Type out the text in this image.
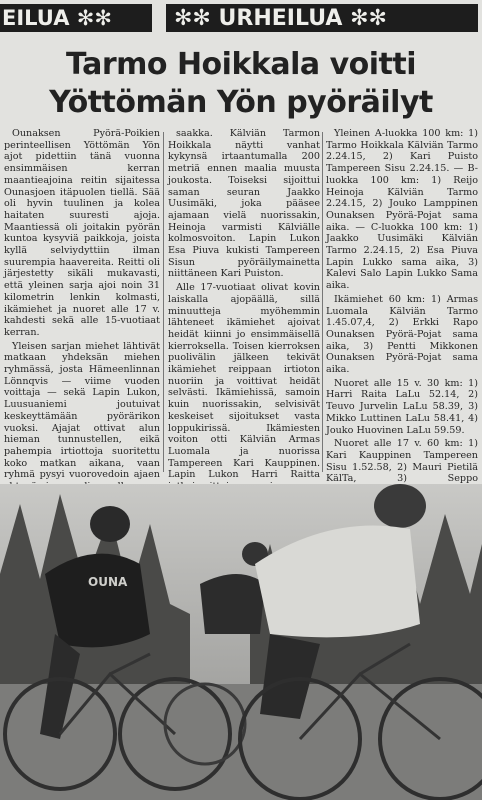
EILUA ✻✻	✻✻ URHEILUA ✻✻
Tarmo Hoikkala voitti
Yöttömän Yön pyöräilyt

Ounaksen Pyörä-Poikien perinteellisen Yöttömän Yön ajot pidettiin tänä vuonna ensimmäisen kerran maantieajoina reitin sijaitessa Ounasjoen itäpuolen tiellä. Sää oli hyvin tuulinen ja kolea haitaten suuresti ajoja. Maantiessä oli joitakin pyörän kuntoa kysyviä paikkoja, joista kyllä selviydyttiin ilman suurempia haavereita. Reitti oli järjestetty sikäli mukavasti, että yleinen sarja ajoi noin 31 kilometrin lenkin kolmasti, ikämiehet ja nuoret alle 17 v. kahdesti sekä alle 15-vuotiaat kerran.

Yleisen sarjan miehet lähtivät matkaan yhdeksän miehen ryhmässä, josta Hämeenlinnan Lönnqvis — viime vuoden voittaja — sekä Lapin Lukon, Luusuaniemi joutuivat keskeyttämään pyörärikon vuoksi. Ajajat ottivat alun hieman tunnustellen, eikä pahempia irtiottoja suoritettu koko matkan aikana, vaan ryhmä pysyi vuorovedoin ajaen

saakka. Kälviän Tarmon Hoikkala näytti vanhat kykynsä irtaantumalla 200 metriä ennen maalia muusta joukosta. Toiseksi sijoittui saman seuran Jaakko Uusimäki, joka pääsee ajamaan vielä nuorissakin, Heinoja varmisti Kälviälle kolmosvoiton. Lapin Lukon Esa Piuva kukisti Tampereen Sisun pyöräilymainetta niittäneen Kari Puiston.

Alle 17-vuotiaat olivat kovin laiskalla ajopäällä, sillä minuutteja myöhemmin lähteneet ikämiehet ajoivat heidät kiinni jo ensimmäisellä kierroksella. Toisen kierroksen puolivälin jälkeen tekivät ikämiehet reippaan irtioton nuoriin ja voittivat heidät selvästi. Ikämiehissä, samoin kuin nuorissakin, selvisivät keskeiset sijoitukset vasta loppukirissä. Ikämiesten voiton otti Kälviän Armas Luomala ja nuorissa Tampereen Kari Kauppinen. Lapin Lukon Harri Raitta

Yleinen A-luokka 100 km: 1) Tarmo Hoikkala Kälviän Tarmo 2.24.15, 2) Kari Puisto Tampereen Sisu 2.24.15. — B-luokka 100 km: 1) Reijo Heinoja Kälviän Tarmo 2.24.15, 2) Jouko Lamppinen Ounaksen Pyörä-Pojat sama aika. — C-luokka 100 km: 1) Jaakko Uusimäki Kälviän Tarmo 2.24.15, 2) Esa Piuva Lapin Lukko sama aika, 3) Kalevi Salo Lapin Lukko Sama aika.

Ikämiehet 60 km: 1) Armas Luomala Kälviän Tarmo 1.45.07,4, 2) Erkki Rapo Ounaksen Pyörä-Pojat sama aika, 3) Pentti Mikkonen Ounaksen Pyörä-Pojat sama aika.

Nuoret alle 15 v. 30 km: 1) Harri Raita LaLu 52.14, 2) Teuvo Jurvelin LaLu 58.39, 3) Mikko Luttinen LaLu 58.41, 4) Jouko Huovinen LaLu 59.59.

Nuoret alle 17 v. 60 km: 1) Kari Kauppinen Tampereen Sisu 1.52.58, 2) Mauri Pietilä KälTa, 3) Seppo

OUNA
